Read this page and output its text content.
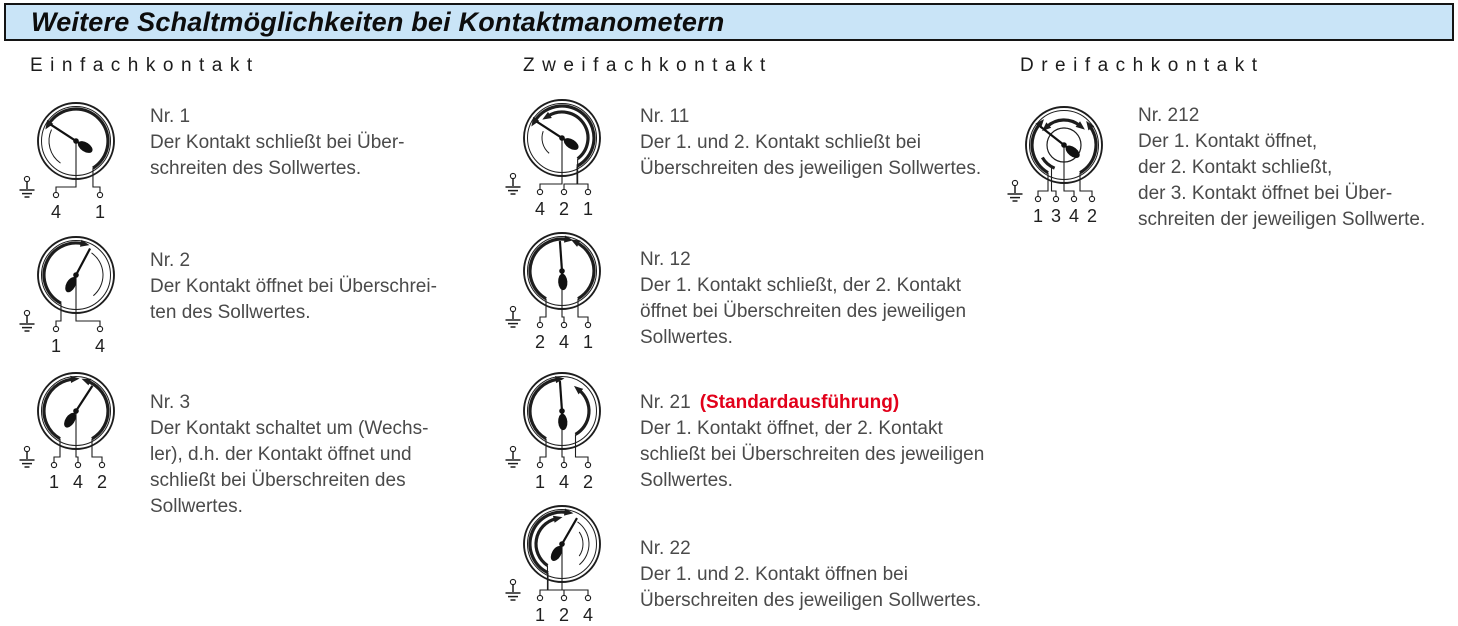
Weitere Schaltmöglichkeiten bei Kontaktmanometern
Einfachkontakt
4 1
Nr. 1
Der Kontakt schließt bei Über-
schreiten des Sollwertes.
1 4
Nr. 2
Der Kontakt öffnet bei Überschrei-
ten des Sollwertes.
1 4 2
Nr. 3
Der Kontakt schaltet um (Wechs-
ler), d.h. der Kontakt öffnet und
schließt bei Überschreiten des
Sollwertes.
Zweifachkontakt
4 2 1
Nr. 11
Der 1. und 2. Kontakt schließt bei
Überschreiten des jeweiligen Sollwertes.
2 4 1
Nr. 12
Der 1. Kontakt schließt, der 2. Kontakt
öffnet bei Überschreiten des jeweiligen
Sollwertes.
1 4 2
Nr. 21 (Standardausführung)
Der 1. Kontakt öffnet, der 2. Kontakt
schließt bei Überschreiten des jeweiligen
Sollwertes.
1 2 4
Nr. 22
Der 1. und 2. Kontakt öffnen bei
Überschreiten des jeweiligen Sollwertes.
Dreifachkontakt
1 3 4 2
Nr. 212
Der 1. Kontakt öffnet,
der 2. Kontakt schließt,
der 3. Kontakt öffnet bei Über-
schreiten der jeweiligen Sollwerte.
